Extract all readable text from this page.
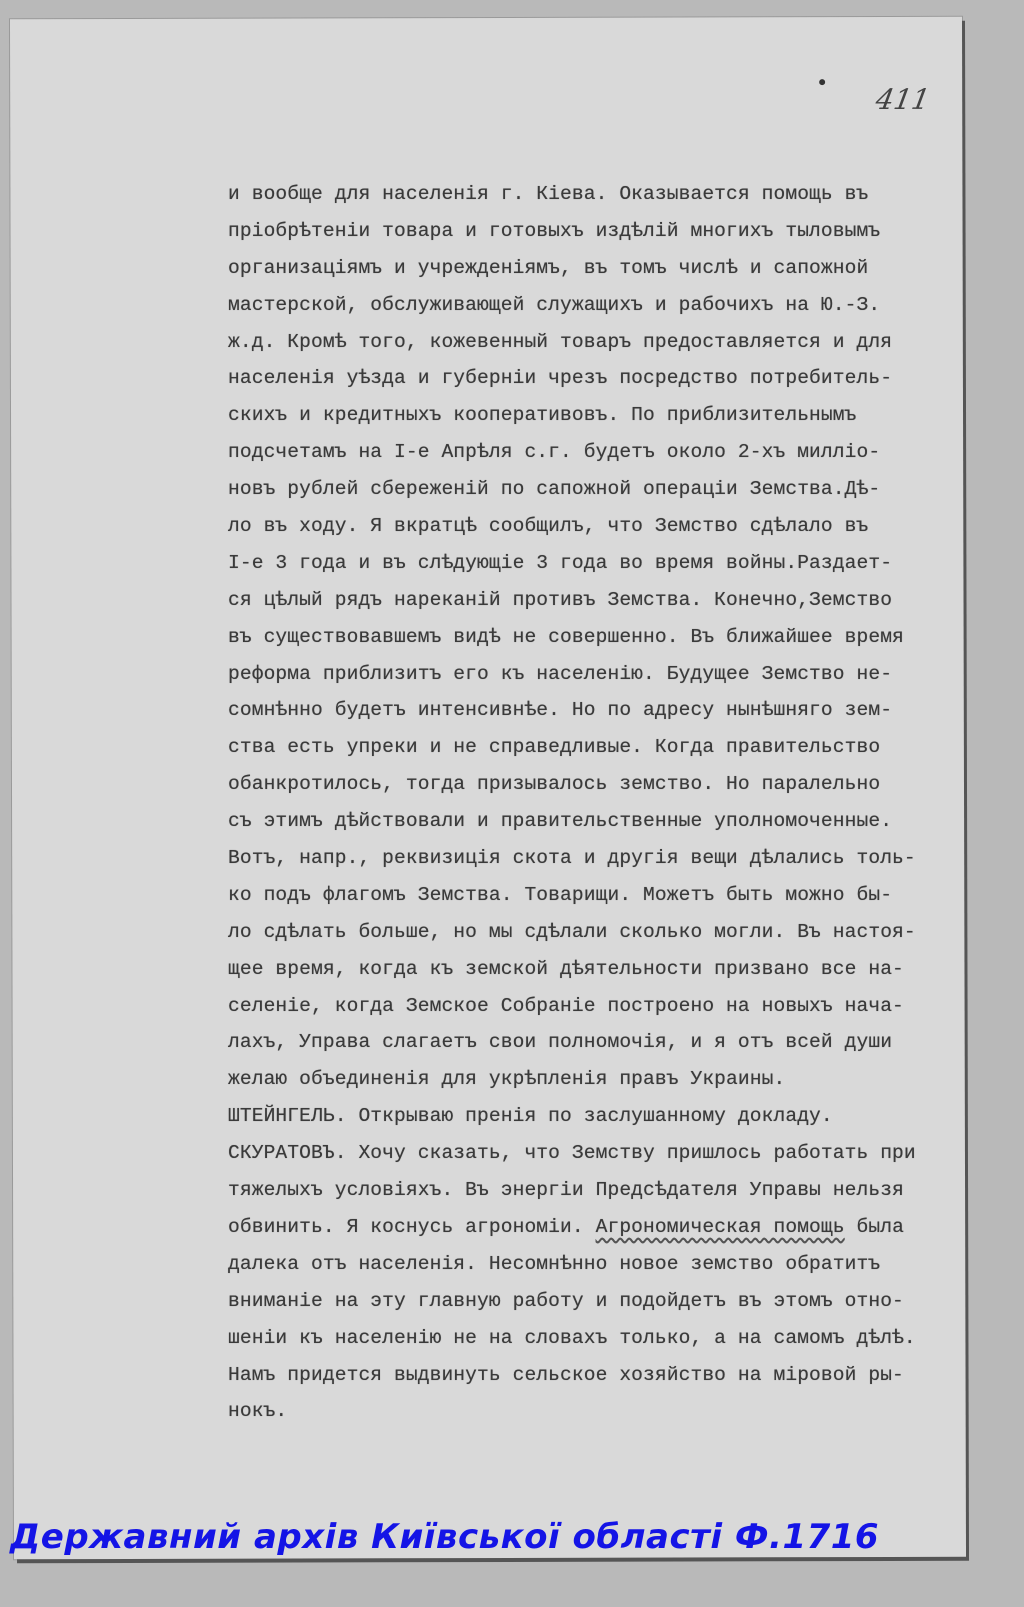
411
и вообще для населенія г. Кіева. Оказывается помощь въ
пріобрѣтеніи товара и готовыхъ издѣлій многихъ тыловымъ
организаціямъ и учрежденіямъ, въ томъ числѣ и сапожной
мастерской, обслуживающей служащихъ и рабочихъ на Ю.-З.
ж.д. Кромѣ того, кожевенный товаръ предоставляется и для
населенія уѣзда и губерніи чрезъ посредство потребитель-
скихъ и кредитныхъ кооперативовъ. По приблизительнымъ
подсчетамъ на I-е Апрѣля с.г. будетъ около 2-хъ милліо-
новъ рублей сбереженій по сапожной операціи Земства.Дѣ-
ло въ ходу. Я вкратцѣ сообщилъ, что Земство сдѣлало въ
I-е 3 года и въ слѣдующіе 3 года во время войны.Раздает-
ся цѣлый рядъ нареканій противъ Земства. Конечно,Земство
въ существовавшемъ видѣ не совершенно. Въ ближайшее время
реформа приблизитъ его къ населенію. Будущее Земство не-
сомнѣнно будетъ интенсивнѣе. Но по адресу нынѣшняго зем-
ства есть упреки и не справедливые. Когда правительство
обанкротилось, тогда призывалось земство. Но паралельно
съ этимъ дѣйствовали и правительственные уполномоченные.
Вотъ, напр., реквизиція скота и другія вещи дѣлались толь-
ко подъ флагомъ Земства. Товарищи. Можетъ быть можно бы-
ло сдѣлать больше, но мы сдѣлали сколько могли. Въ настоя-
щее время, когда къ земской дѣятельности призвано все на-
селеніе, когда Земское Собраніе построено на новыхъ нача-
лахъ, Управа слагаетъ свои полномочія, и я отъ всей души
желаю объединенія для укрѣпленія правъ Украины.
ШТЕЙНГЕЛЬ. Открываю пренія по заслушанному докладу.
СКУРАТОВЪ. Хочу сказать, что Земству пришлось работать при
тяжелыхъ условіяхъ. Въ энергіи Предсѣдателя Управы нельзя
обвинить. Я коснусь агрономіи. Агрономическая помощь была
далека отъ населенія. Несомнѣнно новое земство обратитъ
вниманіе на эту главную работу и подойдетъ въ этомъ отно-
шеніи къ населенію не на словахъ только, а на самомъ дѣлѣ.
Намъ придется выдвинуть сельское хозяйство на міровой ры-
нокъ.
Державний архів Київської області Ф.1716
